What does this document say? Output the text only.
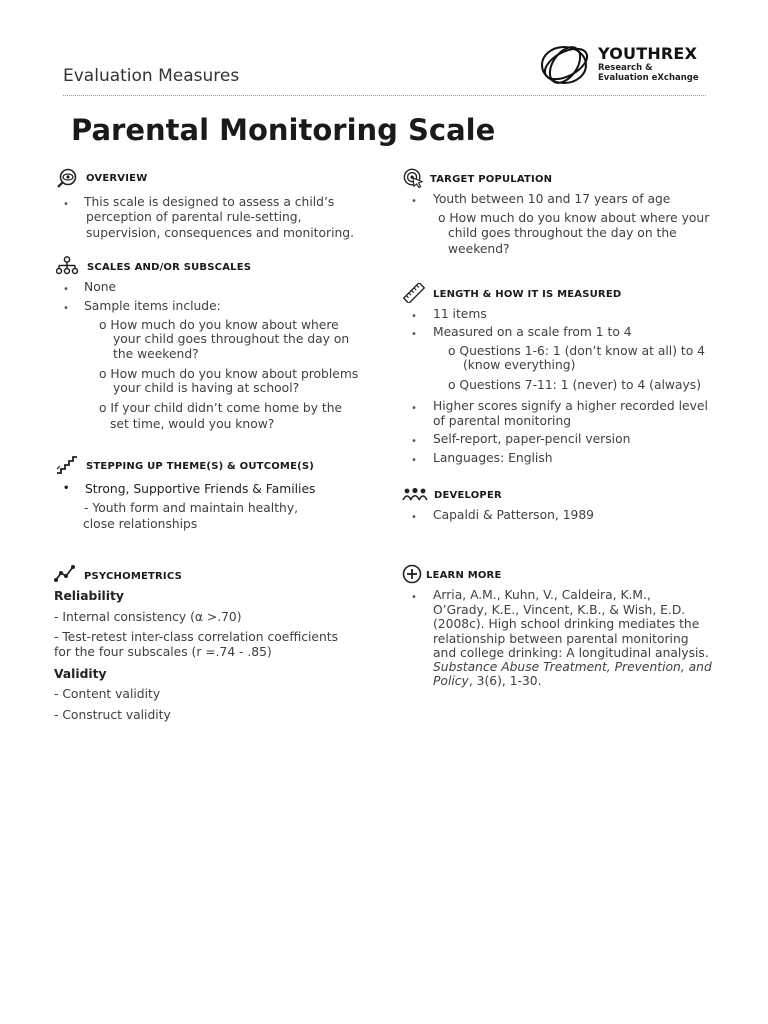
Evaluation Measures
YOUTHREX
Research &
Evaluation eXchange
Parental Monitoring Scale
OVERVIEW
• This scale is designed to assess a child’s
perception of parental rule-setting,
supervision, consequences and monitoring.
SCALES AND/OR SUBSCALES
• None
• Sample items include:
o How much do you know about where
your child goes throughout the day on
the weekend?
o How much do you know about problems
your child is having at school?
o If your child didn’t come home by the
set time, would you know?
STEPPING UP THEME(S) & OUTCOME(S)
• Strong, Supportive Friends & Families
- Youth form and maintain healthy,
close relationships
PSYCHOMETRICS
Reliability
- Internal consistency (α >.70)
- Test-retest inter-class correlation coefficients
for the four subscales (r =.74 - .85)
Validity
- Content validity
- Construct validity
TARGET POPULATION
• Youth between 10 and 17 years of age
o How much do you know about where your
child goes throughout the day on the
weekend?
LENGTH & HOW IT IS MEASURED
• 11 items
• Measured on a scale from 1 to 4
o Questions 1-6: 1 (don’t know at all) to 4
(know everything)
o Questions 7-11: 1 (never) to 4 (always)
• Higher scores signify a higher recorded level
of parental monitoring
• Self-report, paper-pencil version
• Languages: English
DEVELOPER
• Capaldi & Patterson, 1989
LEARN MORE
• Arria, A.M., Kuhn, V., Caldeira, K.M.,
O’Grady, K.E., Vincent, K.B., & Wish, E.D.
(2008c). High school drinking mediates the
relationship between parental monitoring
and college drinking: A longitudinal analysis.
Substance Abuse Treatment, Prevention, and
Policy, 3(6), 1-30.
